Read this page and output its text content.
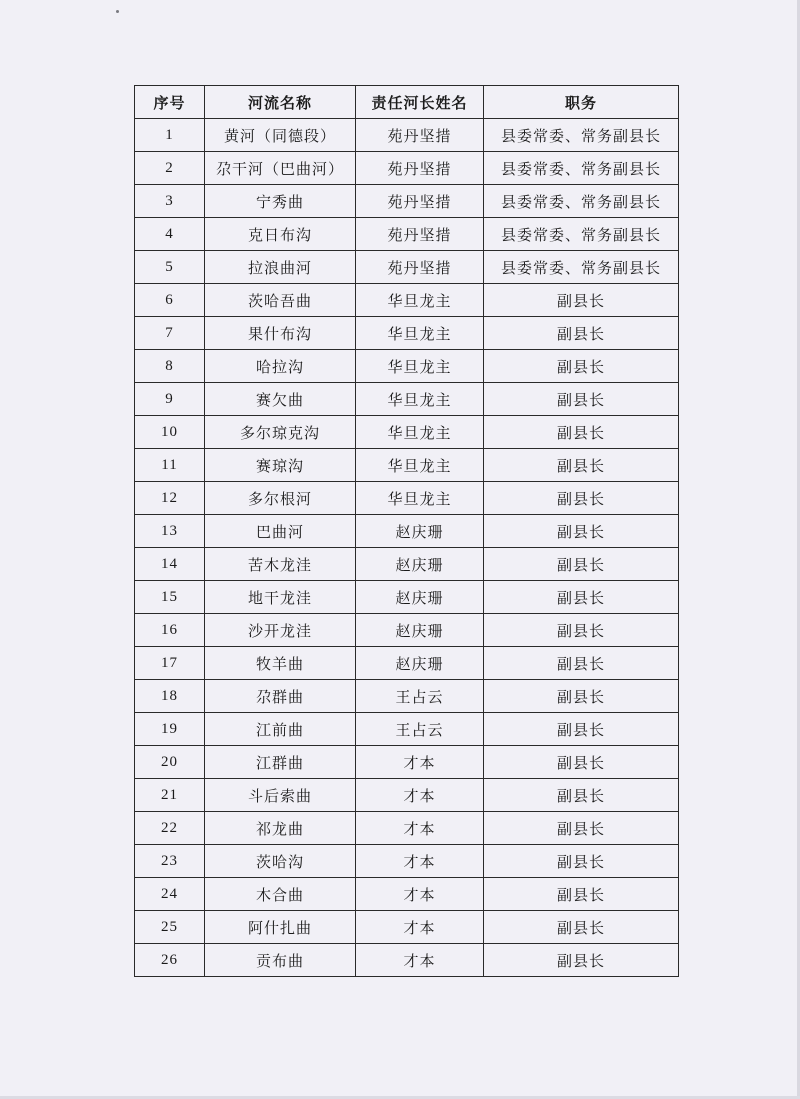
序号	河流名称	责任河长姓名	职务
1	黄河（同德段）	苑丹坚措	县委常委、常务副县长
2	尕干河（巴曲河）	苑丹坚措	县委常委、常务副县长
3	宁秀曲	苑丹坚措	县委常委、常务副县长
4	克日布沟	苑丹坚措	县委常委、常务副县长
5	拉浪曲河	苑丹坚措	县委常委、常务副县长
6	茨哈吾曲	华旦龙主	副县长
7	果什布沟	华旦龙主	副县长
8	哈拉沟	华旦龙主	副县长
9	赛欠曲	华旦龙主	副县长
10	多尔琼克沟	华旦龙主	副县长
11	赛琼沟	华旦龙主	副县长
12	多尔根河	华旦龙主	副县长
13	巴曲河	赵庆珊	副县长
14	苦木龙洼	赵庆珊	副县长
15	地干龙洼	赵庆珊	副县长
16	沙开龙洼	赵庆珊	副县长
17	牧羊曲	赵庆珊	副县长
18	尕群曲	王占云	副县长
19	江前曲	王占云	副县长
20	江群曲	才本	副县长
21	斗后索曲	才本	副县长
22	祁龙曲	才本	副县长
23	茨哈沟	才本	副县长
24	木合曲	才本	副县长
25	阿什扎曲	才本	副县长
26	贡布曲	才本	副县长
